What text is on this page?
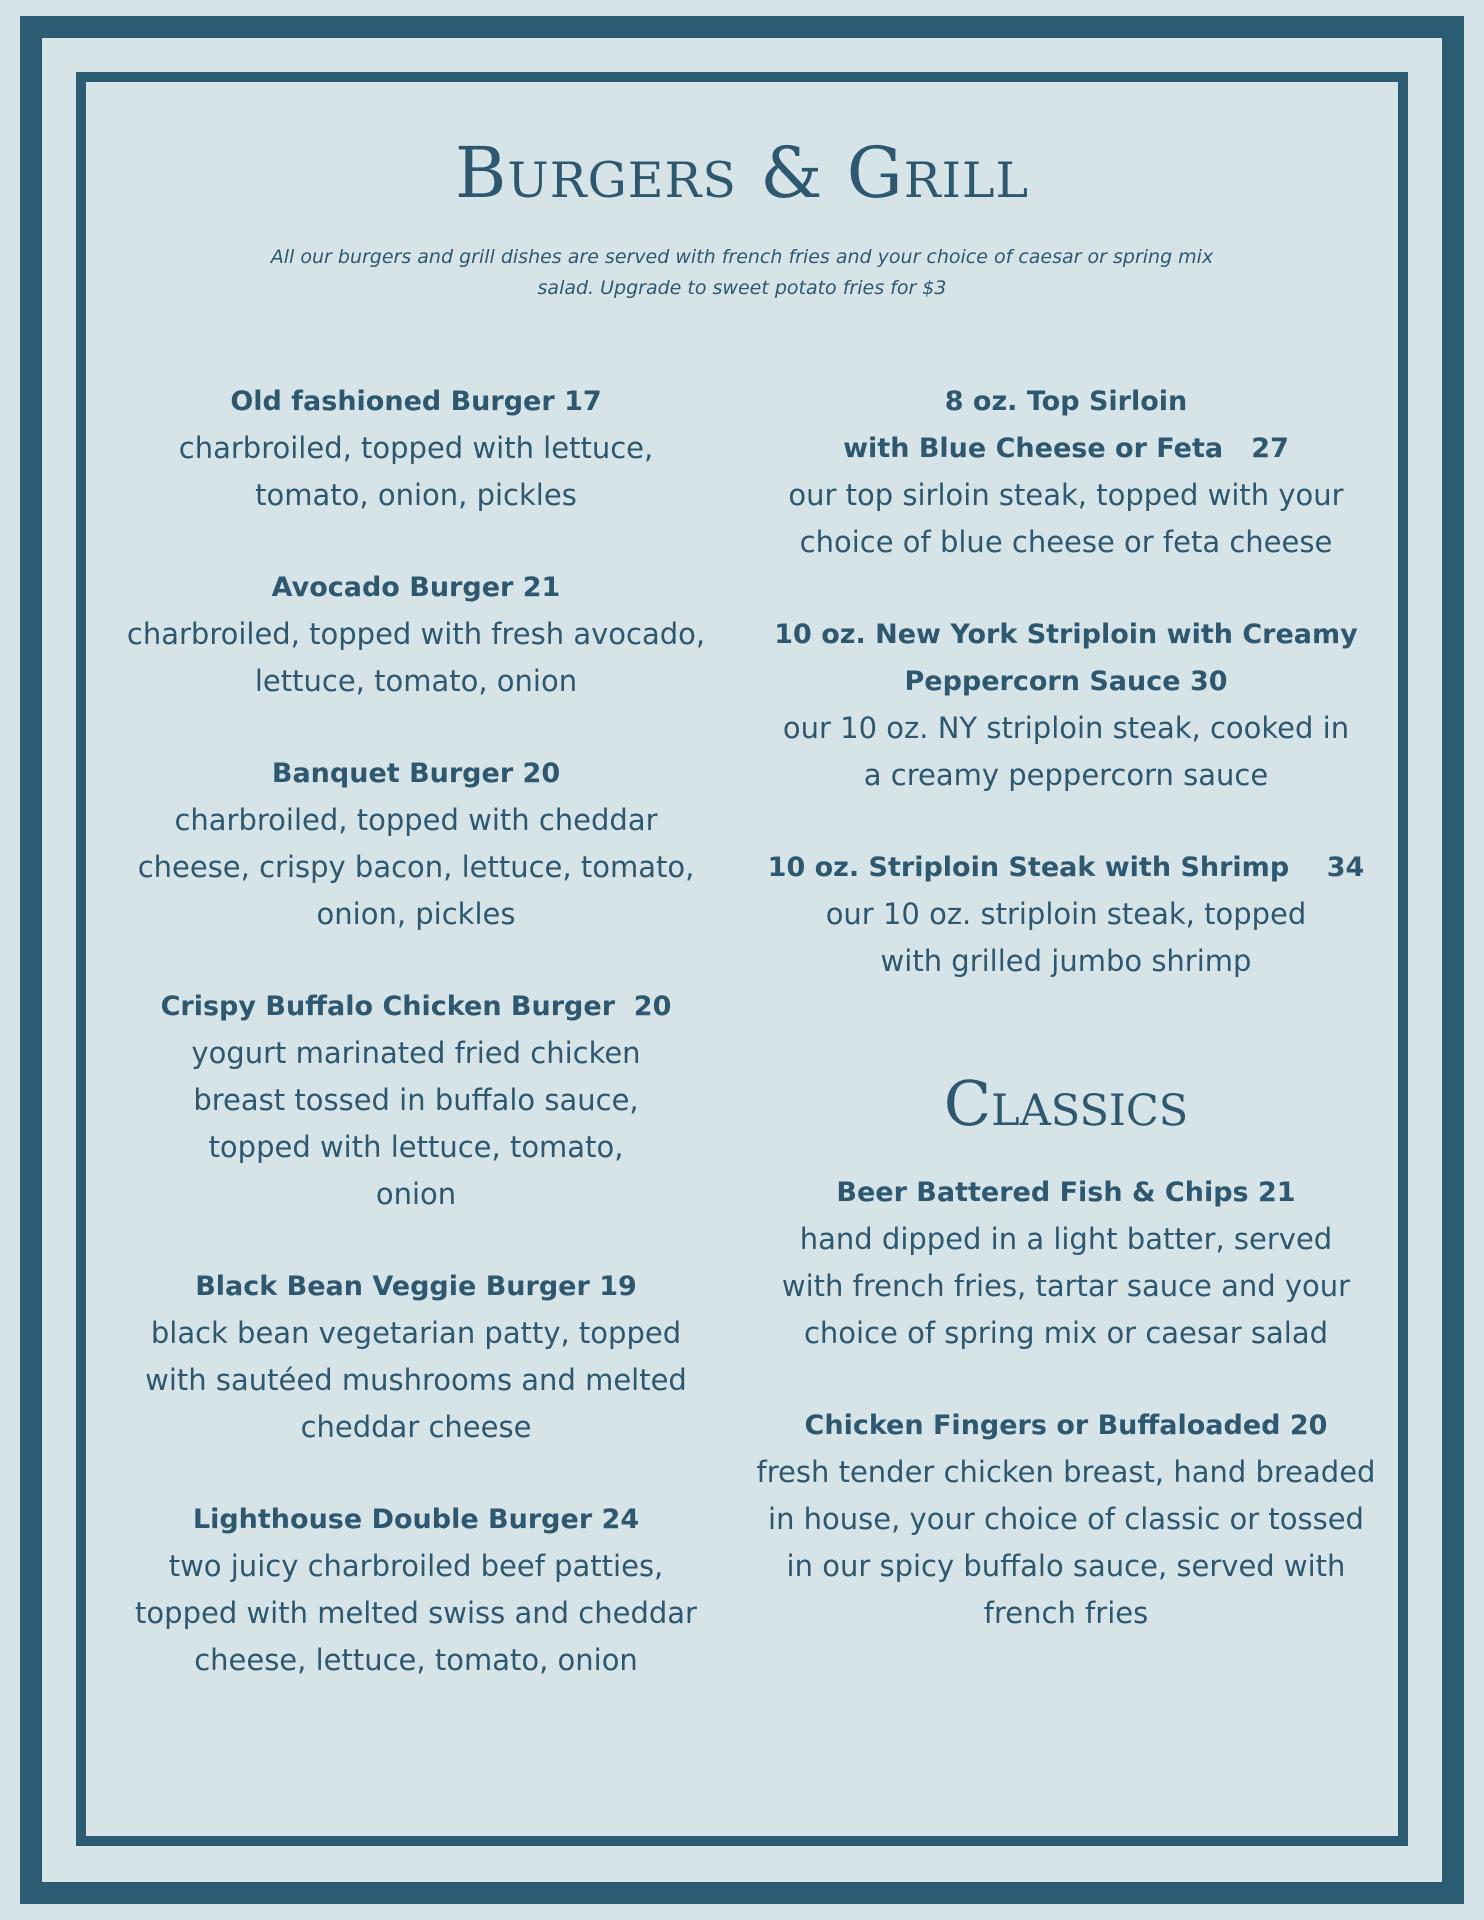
Burgers & Grill

All our burgers and grill dishes are served with french fries and your choice of caesar or spring mix salad. Upgrade to sweet potato fries for $3

Old fashioned Burger 17

charbroiled, topped with lettuce, tomato, onion, pickles

Avocado Burger 21

charbroiled, topped with fresh avocado, lettuce, tomato, onion

Banquet Burger 20

charbroiled, topped with cheddar cheese, crispy bacon, lettuce, tomato, onion, pickles

Crispy Buffalo Chicken Burger  20

yogurt marinated fried chicken breast tossed in buffalo sauce, topped with lettuce, tomato, onion

Black Bean Veggie Burger 19

black bean vegetarian patty, topped with sautéed mushrooms and melted cheddar cheese

Lighthouse Double Burger 24

two juicy charbroiled beef patties, topped with melted swiss and cheddar cheese, lettuce, tomato, onion

8 oz. Top Sirloin

with Blue Cheese or Feta   27

our top sirloin steak, topped with your choice of blue cheese or feta cheese

10 oz. New York Striploin with Creamy Peppercorn Sauce 30

our 10 oz. NY striploin steak, cooked in a creamy peppercorn sauce

10 oz. Striploin Steak with Shrimp    34

our 10 oz. striploin steak, topped with grilled jumbo shrimp

Classics

Beer Battered Fish & Chips 21

hand dipped in a light batter, served with french fries, tartar sauce and your choice of spring mix or caesar salad

Chicken Fingers or Buffaloaded 20

fresh tender chicken breast, hand breaded in house, your choice of classic or tossed in our spicy buffalo sauce, served with french fries
